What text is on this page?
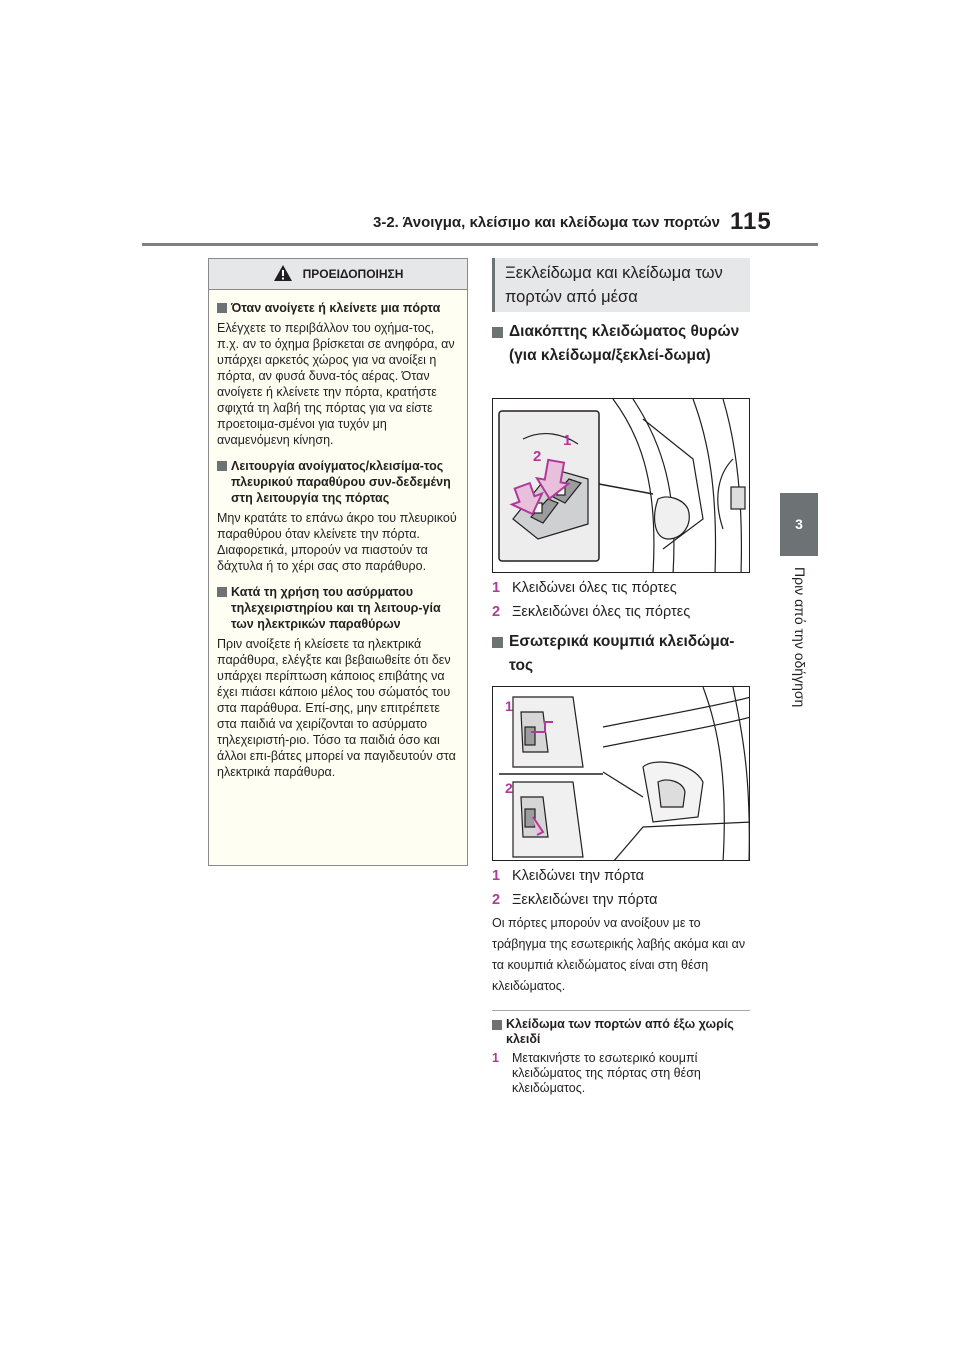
3-2. Άνοιγμα, κλείσιμο και κλείδωμα των πορτών 115
3
Πριν από την οδήγηση
ΠΡΟΕΙΔΟΠΟΙΗΣΗ
Όταν ανοίγετε ή κλείνετε μια πόρτα
Ελέγχετε το περιβάλλον του οχήμα-τος, π.χ. αν το όχημα βρίσκεται σε ανηφόρα, αν υπάρχει αρκετός χώρος για να ανοίξει η πόρτα, αν φυσά δυνα-τός αέρας. Όταν ανοίγετε ή κλείνετε την πόρτα, κρατήστε σφιχτά τη λαβή της πόρτας για να είστε προετοιμα-σμένοι για τυχόν μη αναμενόμενη κίνηση.
Λειτουργία ανοίγματος/κλεισίμα-τος πλευρικού παραθύρου συν-δεδεμένη στη λειτουργία της πόρτας
Μην κρατάτε το επάνω άκρο του πλευρικού παραθύρου όταν κλείνετε την πόρτα. Διαφορετικά, μπορούν να πιαστούν τα δάχτυλα ή το χέρι σας στο παράθυρο.
Κατά τη χρήση του ασύρματου τηλεχειριστηρίου και τη λειτουρ-γία των ηλεκτρικών παραθύρων
Πριν ανοίξετε ή κλείσετε τα ηλεκτρικά παράθυρα, ελέγξτε και βεβαιωθείτε ότι δεν υπάρχει περίπτωση κάποιος επιβάτης να έχει πιάσει κάποιο μέλος του σώματός του στα παράθυρα. Επί-σης, μην επιτρέπετε στα παιδιά να χειρίζονται το ασύρματο τηλεχειριστή-ριο. Τόσο τα παιδιά όσο και άλλοι επι-βάτες μπορεί να παγιδευτούν στα ηλεκτρικά παράθυρα.
Ξεκλείδωμα και κλείδωμα των πορτών από μέσα
Διακόπτης κλειδώματος θυρών (για κλείδωμα/ξεκλεί-δωμα)
1
2
1 Κλειδώνει όλες τις πόρτες
2 Ξεκλειδώνει όλες τις πόρτες
Εσωτερικά κουμπιά κλειδώμα-τος
1
2
1 Κλειδώνει την πόρτα
2 Ξεκλειδώνει την πόρτα
Οι πόρτες μπορούν να ανοίξουν με το τράβηγμα της εσωτερικής λαβής ακόμα και αν τα κουμπιά κλειδώματος είναι στη θέση κλειδώματος.
Κλείδωμα των πορτών από έξω χωρίς κλειδί
1 Μετακινήστε το εσωτερικό κουμπί κλειδώματος της πόρτας στη θέση κλειδώματος.
